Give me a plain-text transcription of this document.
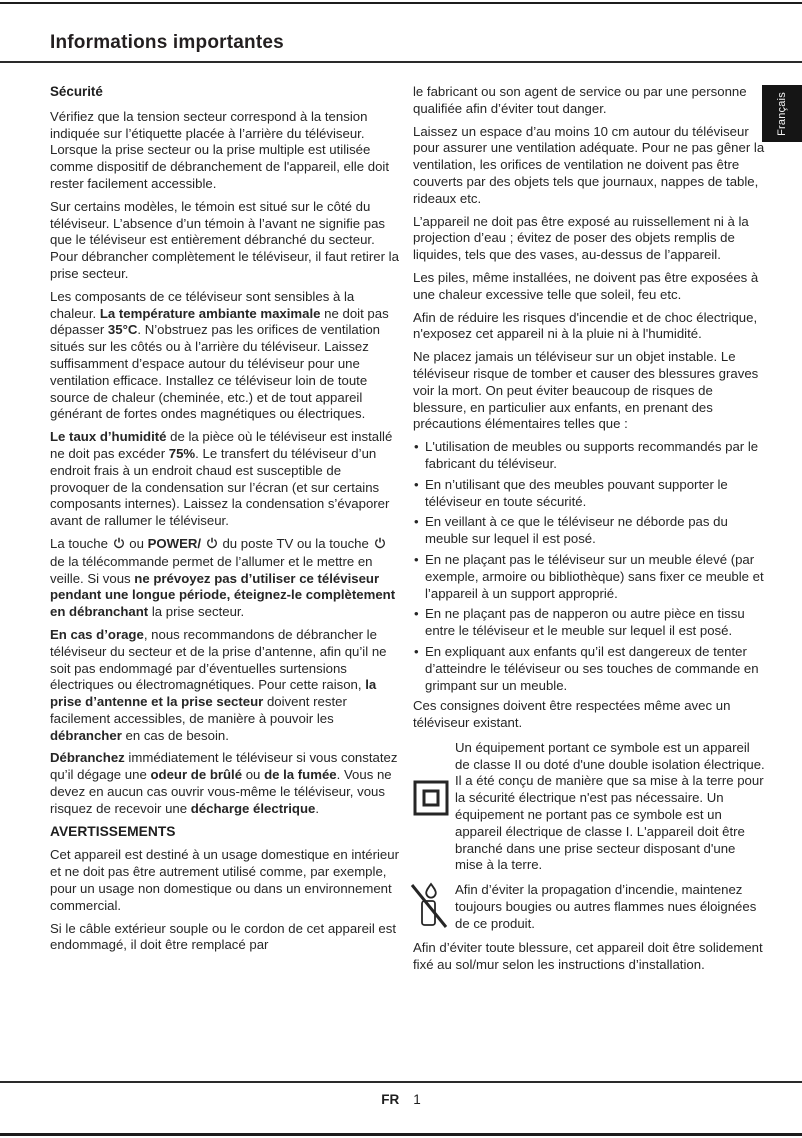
Informations importantes
Français
Sécurité

Vérifiez que la tension secteur correspond à la tension indiquée sur l’étiquette placée à l’arrière du téléviseur. Lorsque la prise secteur ou la prise multiple est utilisée comme dispositif de débranchement de l'appareil, elle doit rester facilement accessible.

Sur certains modèles, le témoin est situé sur le côté du téléviseur. L’absence d’un témoin à l’avant ne signifie pas que le téléviseur est entièrement débranché du secteur. Pour débrancher complètement le téléviseur, il faut retirer la prise secteur.

Les composants de ce téléviseur sont sensibles à la chaleur. La température ambiante maximale ne doit pas dépasser 35°C. N’obstruez pas les orifices de ventilation situés sur les côtés ou à l’arrière du téléviseur. Laissez suffisamment d’espace autour du téléviseur pour une ventilation efficace. Installez ce téléviseur loin de toute source de chaleur (cheminée, etc.) et de tout appareil générant de fortes ondes magnétiques ou électriques.

Le taux d’humidité de la pièce où le téléviseur est installé ne doit pas excéder 75%. Le transfert du téléviseur d’un endroit frais à un endroit chaud est susceptible de provoquer de la condensation sur l’écran (et sur certains composants internes). Laissez la condensation s’évaporer avant de rallumer le téléviseur.

La touche  ou POWER/  du poste TV ou la touche  de la télécommande permet de l’allumer et le mettre en veille. Si vous ne prévoyez pas d’utiliser ce téléviseur pendant une longue période, éteignez-le complètement en débranchant la prise secteur.

En cas d’orage, nous recommandons de débrancher le téléviseur du secteur et de la prise d’antenne, afin qu’il ne soit pas endommagé par d’éventuelles surtensions électriques ou électromagnétiques. Pour cette raison, la prise d’antenne et la prise secteur doivent rester facilement accessibles, de manière à pouvoir les débrancher en cas de besoin.

Débranchez immédiatement le téléviseur si vous constatez qu’il dégage une odeur de brûlé ou de la fumée. Vous ne devez en aucun cas ouvrir vous-même le téléviseur, vous risquez de recevoir une décharge électrique.

AVERTISSEMENTS

Cet appareil est destiné à un usage domestique en intérieur et ne doit pas être autrement utilisé comme, par exemple, pour un usage non domestique ou dans un environnement commercial.

Si le câble extérieur souple ou le cordon de cet appareil est endommagé, il doit être remplacé par

le fabricant ou son agent de service ou par une personne qualifiée afin d’éviter tout danger.

Laissez un espace d’au moins 10 cm autour du téléviseur pour assurer une ventilation adéquate. Pour ne pas gêner la ventilation, les orifices de ventilation ne doivent pas être couverts par des objets tels que journaux, nappes de table, rideaux etc.

L’appareil ne doit pas être exposé au ruissellement ni à la projection d’eau ; évitez de poser des objets remplis de liquides, tels que des vases, au-dessus de l’appareil.

Les piles, même installées, ne doivent pas être exposées à une chaleur excessive telle que soleil, feu etc.

Afin de réduire les risques d'incendie et de choc électrique, n'exposez cet appareil ni à la pluie ni à l'humidité.

Ne placez jamais un téléviseur sur un objet instable. Le téléviseur risque de tomber et causer des blessures graves voir la mort. On peut éviter beaucoup de risques de blessure, en particulier aux enfants, en prenant des précautions élémentaires telles que :

• L'utilisation de meubles ou supports recommandés par le fabricant du téléviseur.
• En n’utilisant que des meubles pouvant supporter le téléviseur en toute sécurité.
• En veillant à ce que le téléviseur ne déborde pas du meuble sur lequel il est posé.
• En ne plaçant pas le téléviseur sur un meuble élevé (par exemple, armoire ou bibliothèque) sans fixer ce meuble et l’appareil à un support approprié.
• En ne plaçant pas de napperon ou autre pièce en tissu entre le téléviseur et le meuble sur lequel il est posé.
• En expliquant aux enfants qu’il est dangereux de tenter d’atteindre le téléviseur ou ses touches de commande en grimpant sur un meuble.

Ces consignes doivent être respectées même avec un téléviseur existant.

Un équipement portant ce symbole est un appareil de classe II ou doté d'une double isolation électrique. Il a été conçu de manière que sa mise à la terre pour la sécurité électrique n'est pas nécessaire. Un équipement ne portant pas ce symbole est un appareil électrique de classe I. L'appareil doit être branché dans une prise secteur disposant d'une mise à la terre.

Afin d’éviter la propagation d’incendie, maintenez toujours bougies ou autres flammes nues éloignées de ce produit.

Afin d’éviter toute blessure, cet appareil doit être solidement fixé au sol/mur selon les instructions d’installation.

FR 1
